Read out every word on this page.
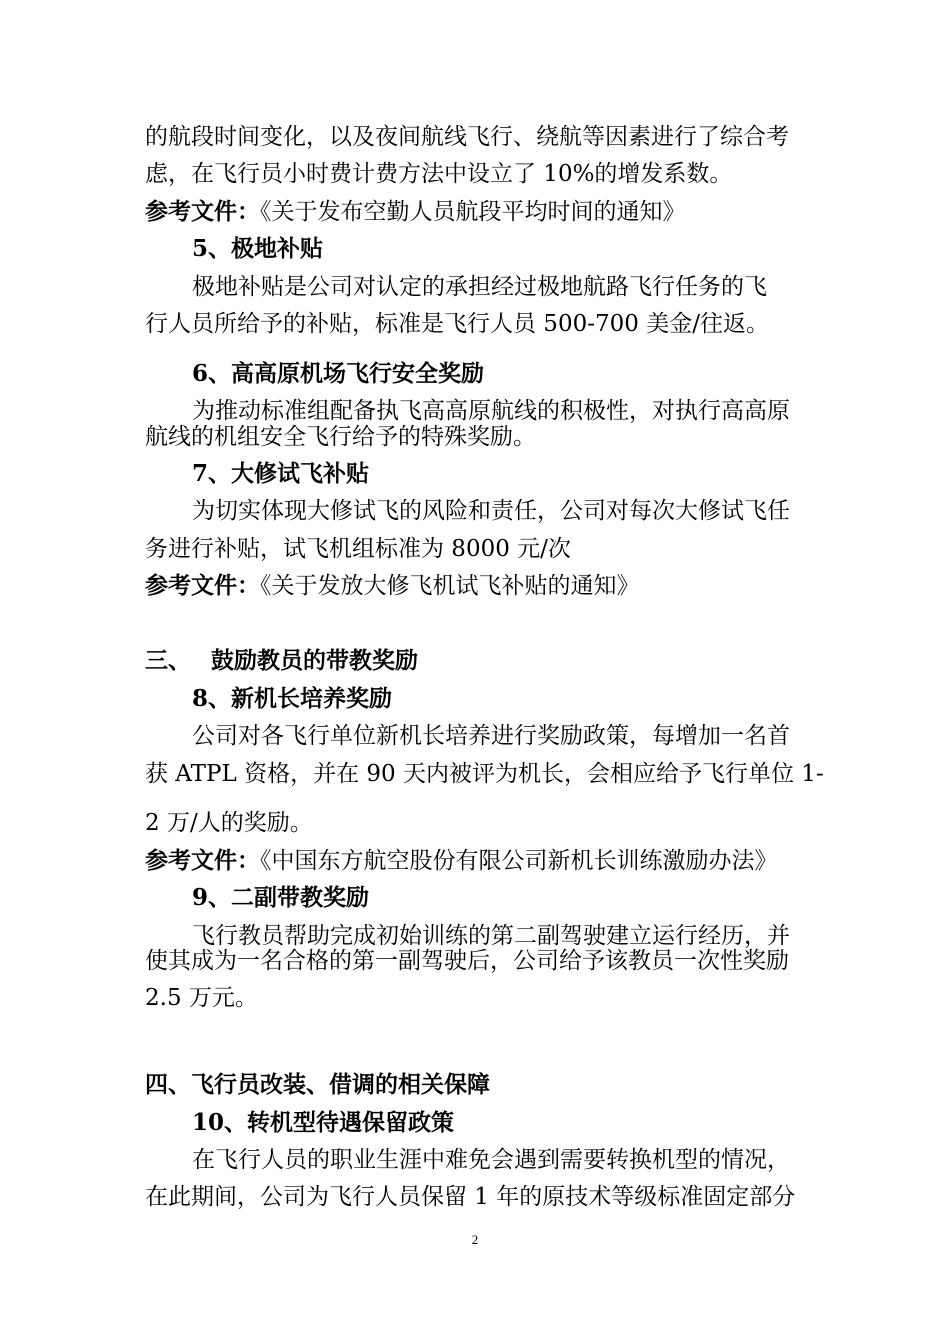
的航段时间变化，以及夜间航线飞行、绕航等因素进行了综合考
虑，在飞行员小时费计费方法中设立了 10%的增发系数。
参考文件：《关于发布空勤人员航段平均时间的通知》
5、极地补贴
极地补贴是公司对认定的承担经过极地航路飞行任务的飞
行人员所给予的补贴，标准是飞行人员 500-700 美金/往返。
6、高高原机场飞行安全奖励
为推动标准组配备执飞高高原航线的积极性，对执行高高原
航线的机组安全飞行给予的特殊奖励。
7、大修试飞补贴
为切实体现大修试飞的风险和责任，公司对每次大修试飞任
务进行补贴，试飞机组标准为 8000 元/次
参考文件：《关于发放大修飞机试飞补贴的通知》
三、 鼓励教员的带教奖励
8、新机长培养奖励
公司对各飞行单位新机长培养进行奖励政策，每增加一名首
获 ATPL 资格，并在 90 天内被评为机长，会相应给予飞行单位 1-
2 万/人的奖励。
参考文件：《中国东方航空股份有限公司新机长训练激励办法》
9、二副带教奖励
飞行教员帮助完成初始训练的第二副驾驶建立运行经历，并
使其成为一名合格的第一副驾驶后，公司给予该教员一次性奖励
2.5 万元。
四、飞行员改装、借调的相关保障
10、转机型待遇保留政策
在飞行人员的职业生涯中难免会遇到需要转换机型的情况，
在此期间，公司为飞行人员保留 1 年的原技术等级标准固定部分
2
